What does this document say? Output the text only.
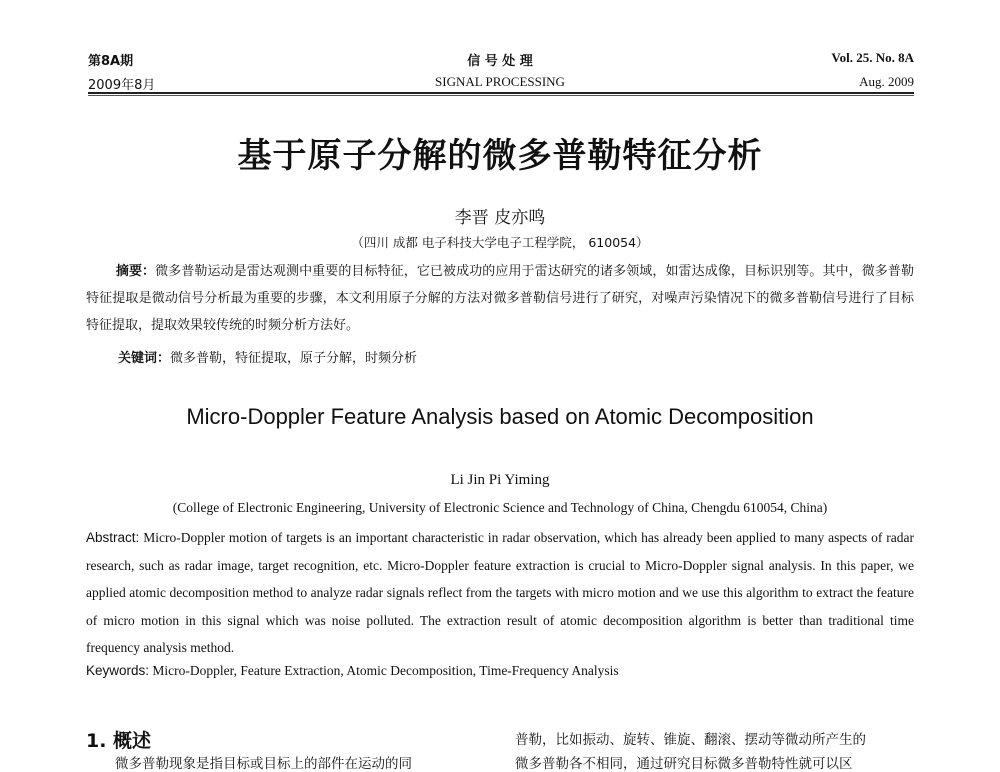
第8A期
2009年8月
信 号 处 理
SIGNAL PROCESSING
Vol. 25. No. 8A
Aug. 2009
基于原子分解的微多普勒特征分析
李晋 皮亦鸣
（四川 成都 电子科技大学电子工程学院， 610054）
摘要：微多普勒运动是雷达观测中重要的目标特征，它已被成功的应用于雷达研究的诸多领域，如雷达成像，目标识别等。其中，微多普勒特征提取是微动信号分析最为重要的步骤，本文利用原子分解的方法对微多普勒信号进行了研究，对噪声污染情况下的微多普勒信号进行了目标特征提取，提取效果较传统的时频分析方法好。
关键词：微多普勒，特征提取，原子分解，时频分析
Micro-Doppler Feature Analysis based on Atomic Decomposition
Li Jin Pi Yiming
(College of Electronic Engineering, University of Electronic Science and Technology of China, Chengdu 610054, China)
Abstract: Micro-Doppler motion of targets is an important characteristic in radar observation, which has already been applied to many aspects of radar research, such as radar image, target recognition, etc. Micro-Doppler feature extraction is crucial to Micro-Doppler signal analysis. In this paper, we applied atomic decomposition method to analyze radar signals reflect from the targets with micro motion and we use this algorithm to extract the feature of micro motion in this signal which was noise polluted. The extraction result of atomic decomposition algorithm is better than traditional time frequency analysis method.
Keywords: Micro-Doppler, Feature Extraction, Atomic Decomposition, Time-Frequency Analysis
1. 概述	普勒，比如振动、旋转、锥旋、翻滚、摆动等微动所产生的
微多普勒现象是指目标或目标上的部件在运动的同	微多普勒各不相同，通过研究目标微多普勒特性就可以区
